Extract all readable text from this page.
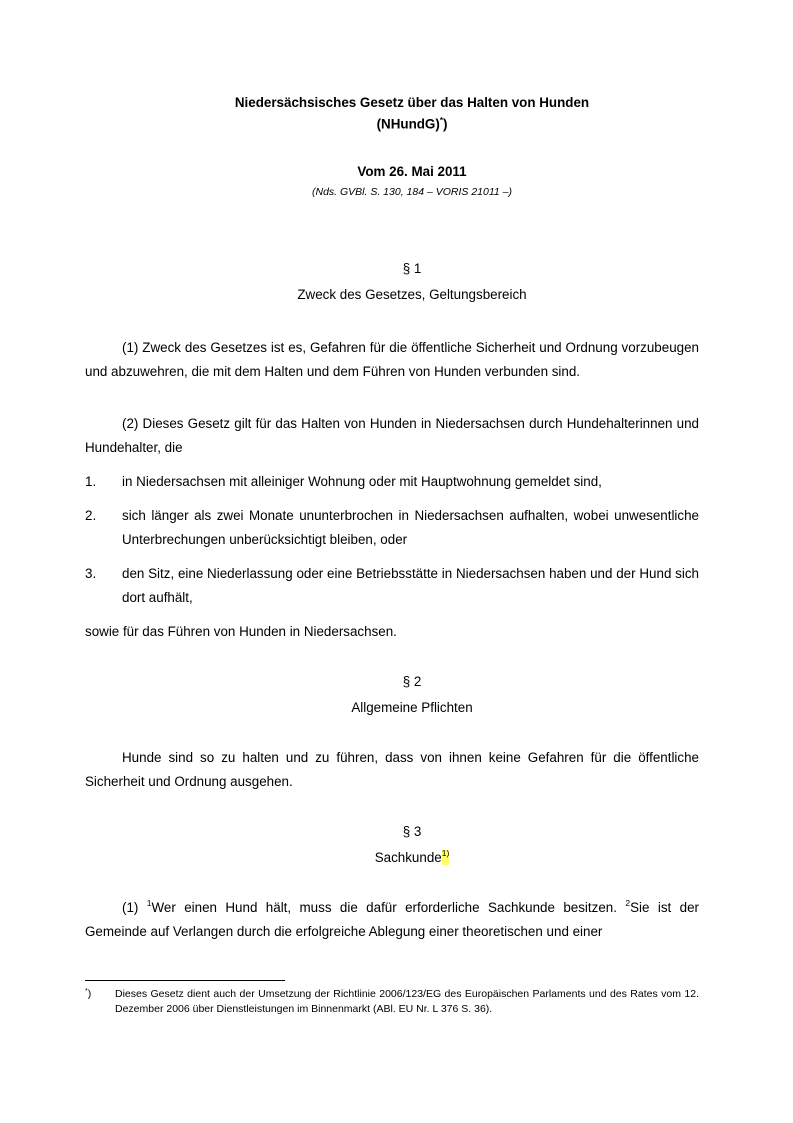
Niedersächsisches Gesetz über das Halten von Hunden
(NHundG)*)
Vom 26. Mai 2011
(Nds. GVBl. S. 130, 184 – VORIS 21011 –)
§ 1
Zweck des Gesetzes, Geltungsbereich
(1) Zweck des Gesetzes ist es, Gefahren für die öffentliche Sicherheit und Ordnung vorzubeugen und abzuwehren, die mit dem Halten und dem Führen von Hunden verbunden sind.
(2) Dieses Gesetz gilt für das Halten von Hunden in Niedersachsen durch Hundehalterinnen und Hundehalter, die
1.	in Niedersachsen mit alleiniger Wohnung oder mit Hauptwohnung gemeldet sind,
2.	sich länger als zwei Monate ununterbrochen in Niedersachsen aufhalten, wobei unwesentliche Unterbrechungen unberücksichtigt bleiben, oder
3.	den Sitz, eine Niederlassung oder eine Betriebsstätte in Niedersachsen haben und der Hund sich dort aufhält,
sowie für das Führen von Hunden in Niedersachsen.
§ 2
Allgemeine Pflichten
Hunde sind so zu halten und zu führen, dass von ihnen keine Gefahren für die öffentliche Sicherheit und Ordnung ausgehen.
§ 3
Sachkunde$^{1)}$
(1) $^1$Wer einen Hund hält, muss die dafür erforderliche Sachkunde besitzen. $^2$Sie ist der Gemeinde auf Verlangen durch die erfolgreiche Ablegung einer theoretischen und einer
*)	Dieses Gesetz dient auch der Umsetzung der Richtlinie 2006/123/EG des Europäischen Parlaments und des Rates vom 12. Dezember 2006 über Dienstleistungen im Binnenmarkt (ABl. EU Nr. L 376 S. 36).
